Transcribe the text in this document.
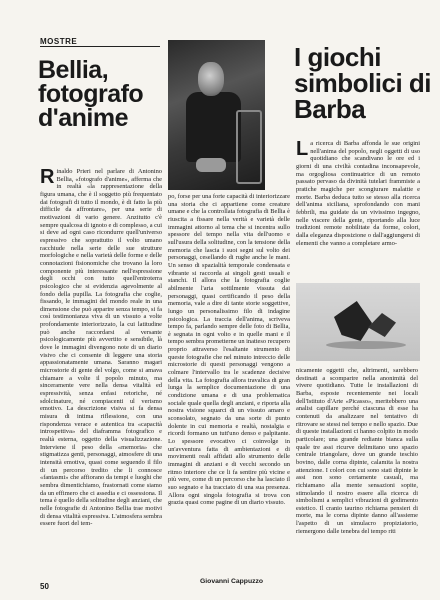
MOSTRE
Bellia, fotografo d'anime

Rinaldo Prieri nel parlare di Antonino Bellia, «fotografo d'anime», afferma che in realtà «la rappresentazione della figura umana, che è il soggetto più frequentato dai fotografi di tutto il mondo, è di fatto la più difficile da affrontare», per una serie di motivazioni di vario genere. Anzitutto c'è sempre qualcosa di ignoto e di complesso, a cui si deve ad ogni caso ricondurre quell'universo espressivo che soprattutto il volto umano racchiude nella serie delle sue strutture morfologiche e nella varietà delle forme e delle connotazioni fisionomiche che trovano la loro componente più interessante nell'espressione degli occhi con tutto quell'entroterra psicologico che si evidenzia agevolmente al fondo della pupilla. La fotografia che coglie, fissando, le immagini del mondo reale in una dimensione che può apparire senza tempo, si fa così testimonianza viva di un vissuto a volte profondamente interiorizzato, la cui latitudine può anche raccordarsi al versante psicologicamente più avvertito e sensibile, là dove le immagini divengono note di un diario visivo che ci consente di leggere una storia appassionatamente umana. Saranno magari microstorie di gente del volgo, come si amava chiamare a volte il popolo minuto, ma sinceramente vere nella densa vitalità ed espressività, senza enfasi retoriche, né sdolcinature, né compiacenti ul verismo emotivo. La descrizione visiva si fa densa misura di intima riflessione, con una rispondenza verace e autentica tra «capacità introspettiva» del diaframma fotografico e realtà esterna, oggetto della visualizzazione. Interviene il peso della «memoria» che stigmatizza genti, personaggi, atmosfere di una intensità emotiva, quasi come seguendo il filo di un percorso tredito che li connosce «fantasmi» che affiorano da tempi e luoghi che sembra dimentichiamo, frastornati come siamo da un effimero che ci assedia e ci ossessiona. Il tema è quello della solitudine degli anziani, che nelle fotografie di Antonino Bellia trae motivi di densa vitalità espressiva. L'atmosfera sembra essere fuori del tem-

po, forse per una forte capacità di interiorizzare una storia che ci appartiene come creature umane e che la controllata fotografia di Bellia è riuscita a fissare nella verità e varietà delle immagini attorno al tema che si incentra sullo spessore del tempo nella vita dell'uomo e sull'usura della solitudine, con la tensione della memoria che lascia i suoi segni sul volto dei personaggi, cesellando di rughe anche le mani. Un senso di spazialità temporale condensata e vibrante si raccorda ai singoli gesti usuali e stanchi. Il allora che la fotografia coglie abilmente l'aria sottilmente vissuta dai personaggi, quasi certificando il peso della memoria, vale a dire di tante storie soggettive, lungo un personalissimo filo di indagine psicologica. La traccia dell'anima, scriveva tempo fa, parlando sempre delle foto di Bellia, è segnata in ogni volto e in quelle mani e il tempo sembra prometterne un inatteso recupero proprio attraverso l'esaltante strumento di queste fotografie che nel minuto intreccio delle microstorie di questi personaggi vengono a colmare l'intervallo tra le scadenze decisive della vita. La fotografia allora travalica di gran lunga la semplice documentazione di una condizione umana e di una problematica sociale quale quella degli anziani, e riporta alla nostra visione squarci di un vissuto amaro e sconsolato, segnato da una sorte di punto dolente in cui memoria e realtà, nostalgia e ricordi formano un tutt'uno denso e palpitante. Lo spessore evocativo ci coinvolge in un'avventura fatta di ambientazioni e di movimenti reali affidati allo strumento delle immagini di anziani e di vecchi secondo un ritmo interiore che ce li fa sentire più vicine e più vere, come di un percorso che ha lasciato il suo segnato e ha tracciato di una sua presenza. Allora ogni singola fotografia si trova con grazia quasi come pagine di un diario vissuto.

Giovanni Cappuzzo
I giochi simbolici di Barba

La ricerca di Barba affonda le sue origini nell'anima del popolo, negli oggetti di uso quotidiano che scandivano le ore ed i giorni di una civiltà contadina inconsapevole, ma orgogliosa continuatrice di un remoto passato pervaso da divinità tutelari frammiste a pratiche magiche per scongiurare malattie e morte. Barba deduca tutto se stesso alla ricerca dell'anima siciliana, sprofondando con mani febbrili, ma guidate da un vivissimo ingegno, nelle viscere della gente, riportando alla luce tradizioni remote nobilitate da forme, colori, dalla eleganza disposizione o dall'aggiungersi di elementi che vanno a completare armo-

nicamente oggetti che, altrimenti, sarebbero destinati a scomparire nella anonimità del vivere quotidiano. Tutte le installazioni di Barba, esposte recentemente nei locali dell'Istituto d'Arte «Picasso», meritebbero una analisi capillare perché ciascuna di esse ha contenuti da analizzare nel tentativo di ritrovare se stessi nel tempo e nello spazio. Due di queste installazioni ci hanno colpito in modo particolare; una grande rediante bianca sulla quale tre assi ricurve delimitano uno spazio centrale triangolare, dove un grande teschio bovino, dalle corna dipinte, calamita la nostra attenzione. I colori con cui sono stati dipinte le assi non sono certamente casuali, ma richiamano alla mente sensazioni sopite, stimolando il nostro essere alla ricerca di simbolismi a semplici vibrazioni di godimento estetico. Il cranio taurino richiama pensieri di morte, ma le corna dipinte danno all'assieme l'aspetto di un simulacro propiziatorio, riemergono dalle tenebra del tempo riti

50
